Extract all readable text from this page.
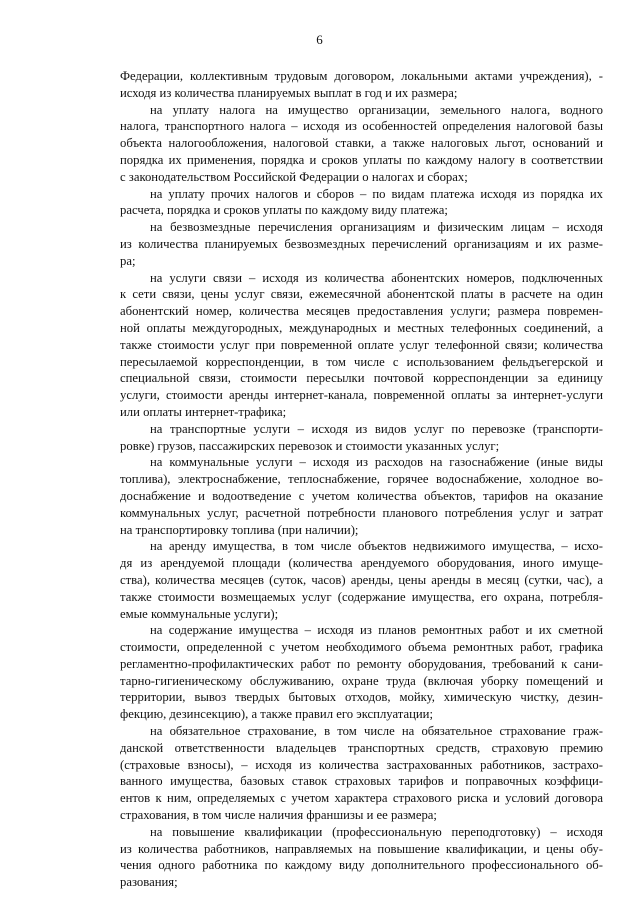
6
Федерации, коллективным трудовым договором, локальными актами учреждения), -
исходя из количества планируемых выплат в год и их размера;
на уплату налога на имущество организации, земельного налога, водного
налога, транспортного налога – исходя из особенностей определения налоговой базы
объекта налогообложения, налоговой ставки, а также налоговых льгот, оснований и
порядка их применения, порядка и сроков уплаты по каждому налогу в соответствии
с законодательством Российской Федерации о налогах и сборах;
на уплату прочих налогов и сборов – по видам платежа исходя из порядка их
расчета, порядка и сроков уплаты по каждому виду платежа;
на безвозмездные перечисления организациям и физическим лицам – исходя
из количества планируемых безвозмездных перечислений организациям и их разме-
ра;
на услуги связи – исходя из количества абонентских номеров, подключенных
к сети связи, цены услуг связи, ежемесячной абонентской платы в расчете на один
абонентский номер, количества месяцев предоставления услуги; размера повремен-
ной оплаты междугородных, международных и местных телефонных соединений, а
также стоимости услуг при повременной оплате услуг телефонной связи; количества
пересылаемой корреспонденции, в том числе с использованием фельдъегерской и
специальной связи, стоимости пересылки почтовой корреспонденции за единицу
услуги, стоимости аренды интернет-канала, повременной оплаты за интернет-услуги
или оплаты интернет-трафика;
на транспортные услуги – исходя из видов услуг по перевозке (транспорти-
ровке) грузов, пассажирских перевозок и стоимости указанных услуг;
на коммунальные услуги – исходя из расходов на газоснабжение (иные виды
топлива), электроснабжение, теплоснабжение, горячее водоснабжение, холодное во-
доснабжение и водоотведение с учетом количества объектов, тарифов на оказание
коммунальных услуг, расчетной потребности планового потребления услуг и затрат
на транспортировку топлива (при наличии);
на аренду имущества, в том числе объектов недвижимого имущества, – исхо-
дя из арендуемой площади (количества арендуемого оборудования, иного имуще-
ства), количества месяцев (суток, часов) аренды, цены аренды в месяц (сутки, час), а
также стоимости возмещаемых услуг (содержание имущества, его охрана, потребля-
емые коммунальные услуги);
на содержание имущества – исходя из планов ремонтных работ и их сметной
стоимости, определенной с учетом необходимого объема ремонтных работ, графика
регламентно-профилактических работ по ремонту оборудования, требований к сани-
тарно-гигиеническому обслуживанию, охране труда (включая уборку помещений и
территории, вывоз твердых бытовых отходов, мойку, химическую чистку, дезин-
фекцию, дезинсекцию), а также правил его эксплуатации;
на обязательное страхование, в том числе на обязательное страхование граж-
данской ответственности владельцев транспортных средств, страховую премию
(страховые взносы), – исходя из количества застрахованных работников, застрахо-
ванного имущества, базовых ставок страховых тарифов и поправочных коэффици-
ентов к ним, определяемых с учетом характера страхового риска и условий договора
страхования, в том числе наличия франшизы и ее размера;
на повышение квалификации (профессиональную переподготовку) – исходя
из количества работников, направляемых на повышение квалификации, и цены обу-
чения одного работника по каждому виду дополнительного профессионального об-
разования;
